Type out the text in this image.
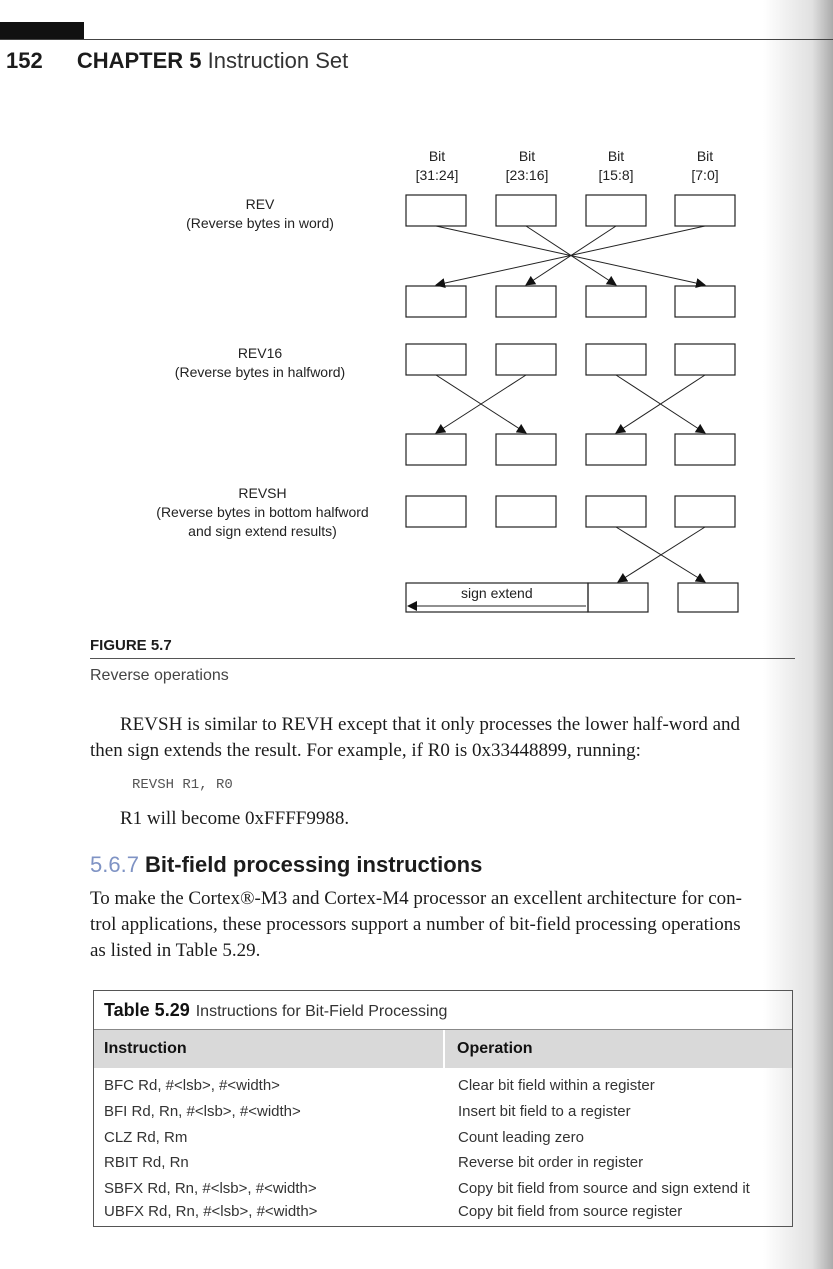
152 CHAPTER 5 Instruction Set
Bit
[31:24]
Bit
[23:16]
Bit
[15:8]
Bit
[7:0]
REV
(Reverse bytes in word)
REV16
(Reverse bytes in halfword)
REVSH
(Reverse bytes in bottom halfword
and sign extend results)
sign extend
FIGURE 5.7
Reverse operations
REVSH is similar to REVH except that it only processes the lower half-word and
then sign extends the result. For example, if R0 is 0x33448899, running:
REVSH R1, R0
R1 will become 0xFFFF9988.
5.6.7 Bit-field processing instructions
To make the Cortex®-M3 and Cortex-M4 processor an excellent architecture for con-
trol applications, these processors support a number of bit-field processing operations
as listed in Table 5.29.
Table 5.29 Instructions for Bit-Field Processing
Instruction	Operation
BFC Rd, #<lsb>, #<width>	Clear bit field within a register
BFI Rd, Rn, #<lsb>, #<width>	Insert bit field to a register
CLZ Rd, Rm	Count leading zero
RBIT Rd, Rn	Reverse bit order in register
SBFX Rd, Rn, #<lsb>, #<width>	Copy bit field from source and sign extend it
UBFX Rd, Rn, #<lsb>, #<width>	Copy bit field from source register
